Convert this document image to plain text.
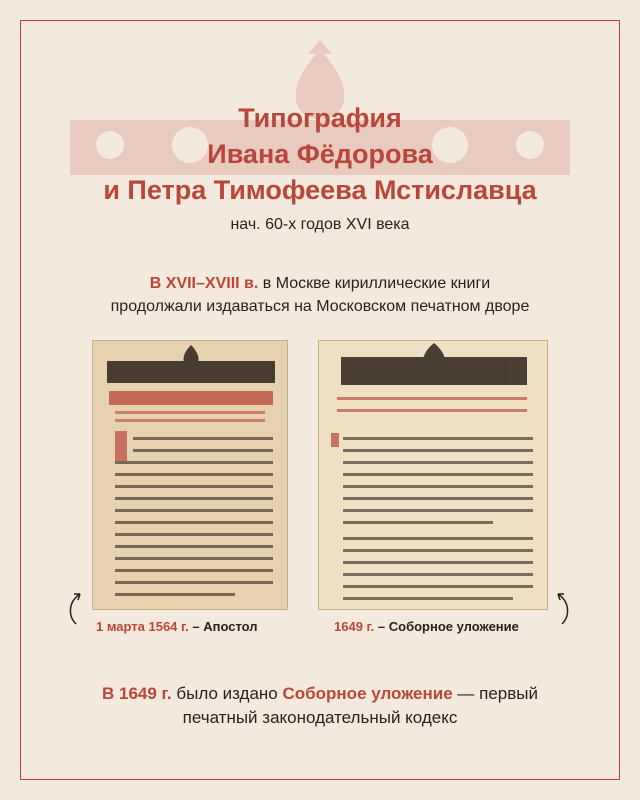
Типография
Ивана Фёдорова
и Петра Тимофеева Мстиславца
нач. 60-х годов XVI века
В XVII–XVIII в. в Москве кириллические книги
продолжали издаваться на Московском печатном дворе
1 марта 1564 г. – Апостол	1649 г. – Соборное уложение
В 1649 г. было издано Соборное уложение — первый
печатный законодательный кодекс
